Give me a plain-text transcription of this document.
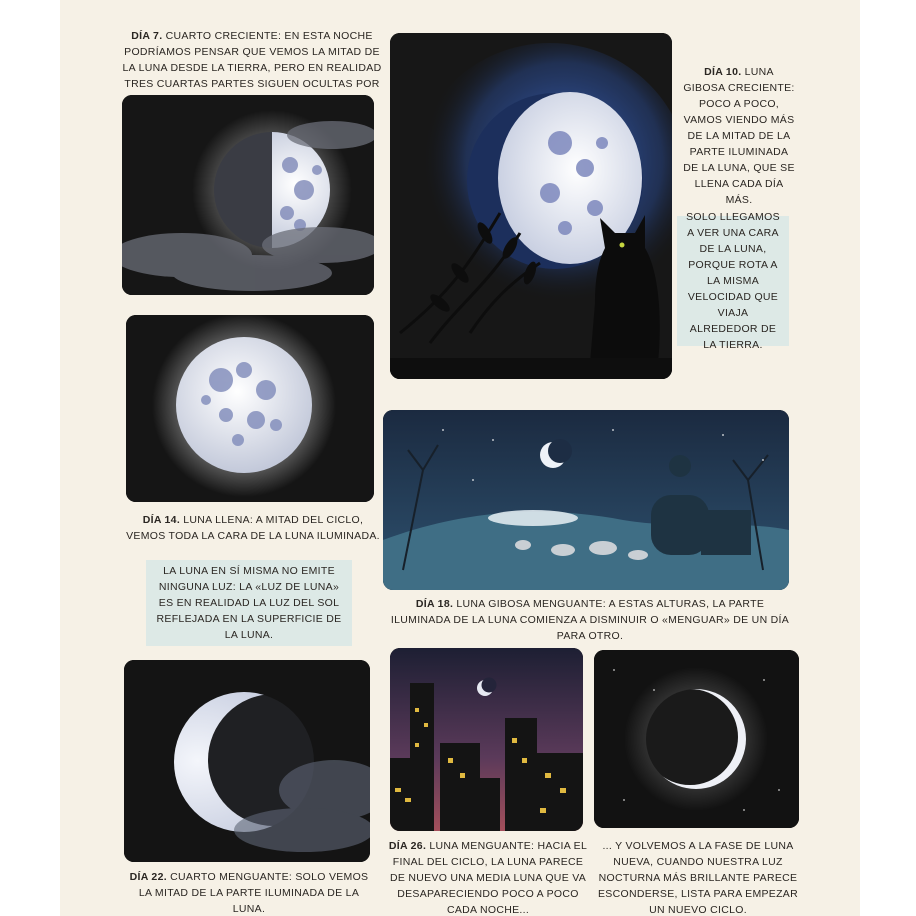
DÍA 7. CUARTO CRECIENTE: EN ESTA NOCHE PODRÍAMOS PENSAR QUE VEMOS LA MITAD DE LA LUNA DESDE LA TIERRA, PERO EN REALIDAD TRES CUARTAS PARTES SIGUEN OCULTAS POR
DÍA 14. LUNA LLENA: A MITAD DEL CICLO, VEMOS TODA LA CARA DE LA LUNA ILUMINADA.
LA LUNA EN SÍ MISMA NO EMITE NINGUNA LUZ: LA «LUZ DE LUNA» ES EN REALIDAD LA LUZ DEL SOL REFLEJADA EN LA SUPERFICIE DE LA LUNA.
DÍA 22. CUARTO MENGUANTE: SOLO VEMOS LA MITAD DE LA PARTE ILUMINADA DE LA LUNA.
DÍA 10. LUNA GIBOSA CRECIENTE: POCO A POCO, VAMOS VIENDO MÁS DE LA MITAD DE LA PARTE ILUMINADA DE LA LUNA, QUE SE LLENA CADA DÍA MÁS.
SOLO LLEGAMOS A VER UNA CARA DE LA LUNA, PORQUE ROTA A LA MISMA VELOCIDAD QUE VIAJA ALREDEDOR DE LA TIERRA.
DÍA 18. LUNA GIBOSA MENGUANTE: A ESTAS ALTURAS, LA PARTE ILUMINADA DE LA LUNA COMIENZA A DISMINUIR O «MENGUAR» DE UN DÍA PARA OTRO.
DÍA 26. LUNA MENGUANTE: HACIA EL FINAL DEL CICLO, LA LUNA PARECE DE NUEVO UNA MEDIA LUNA QUE VA DESAPARECIENDO POCO A POCO CADA NOCHE...
... Y VOLVEMOS A LA FASE DE LUNA NUEVA, CUANDO NUESTRA LUZ NOCTURNA MÁS BRILLANTE PARECE ESCONDERSE, LISTA PARA EMPEZAR UN NUEVO CICLO.
